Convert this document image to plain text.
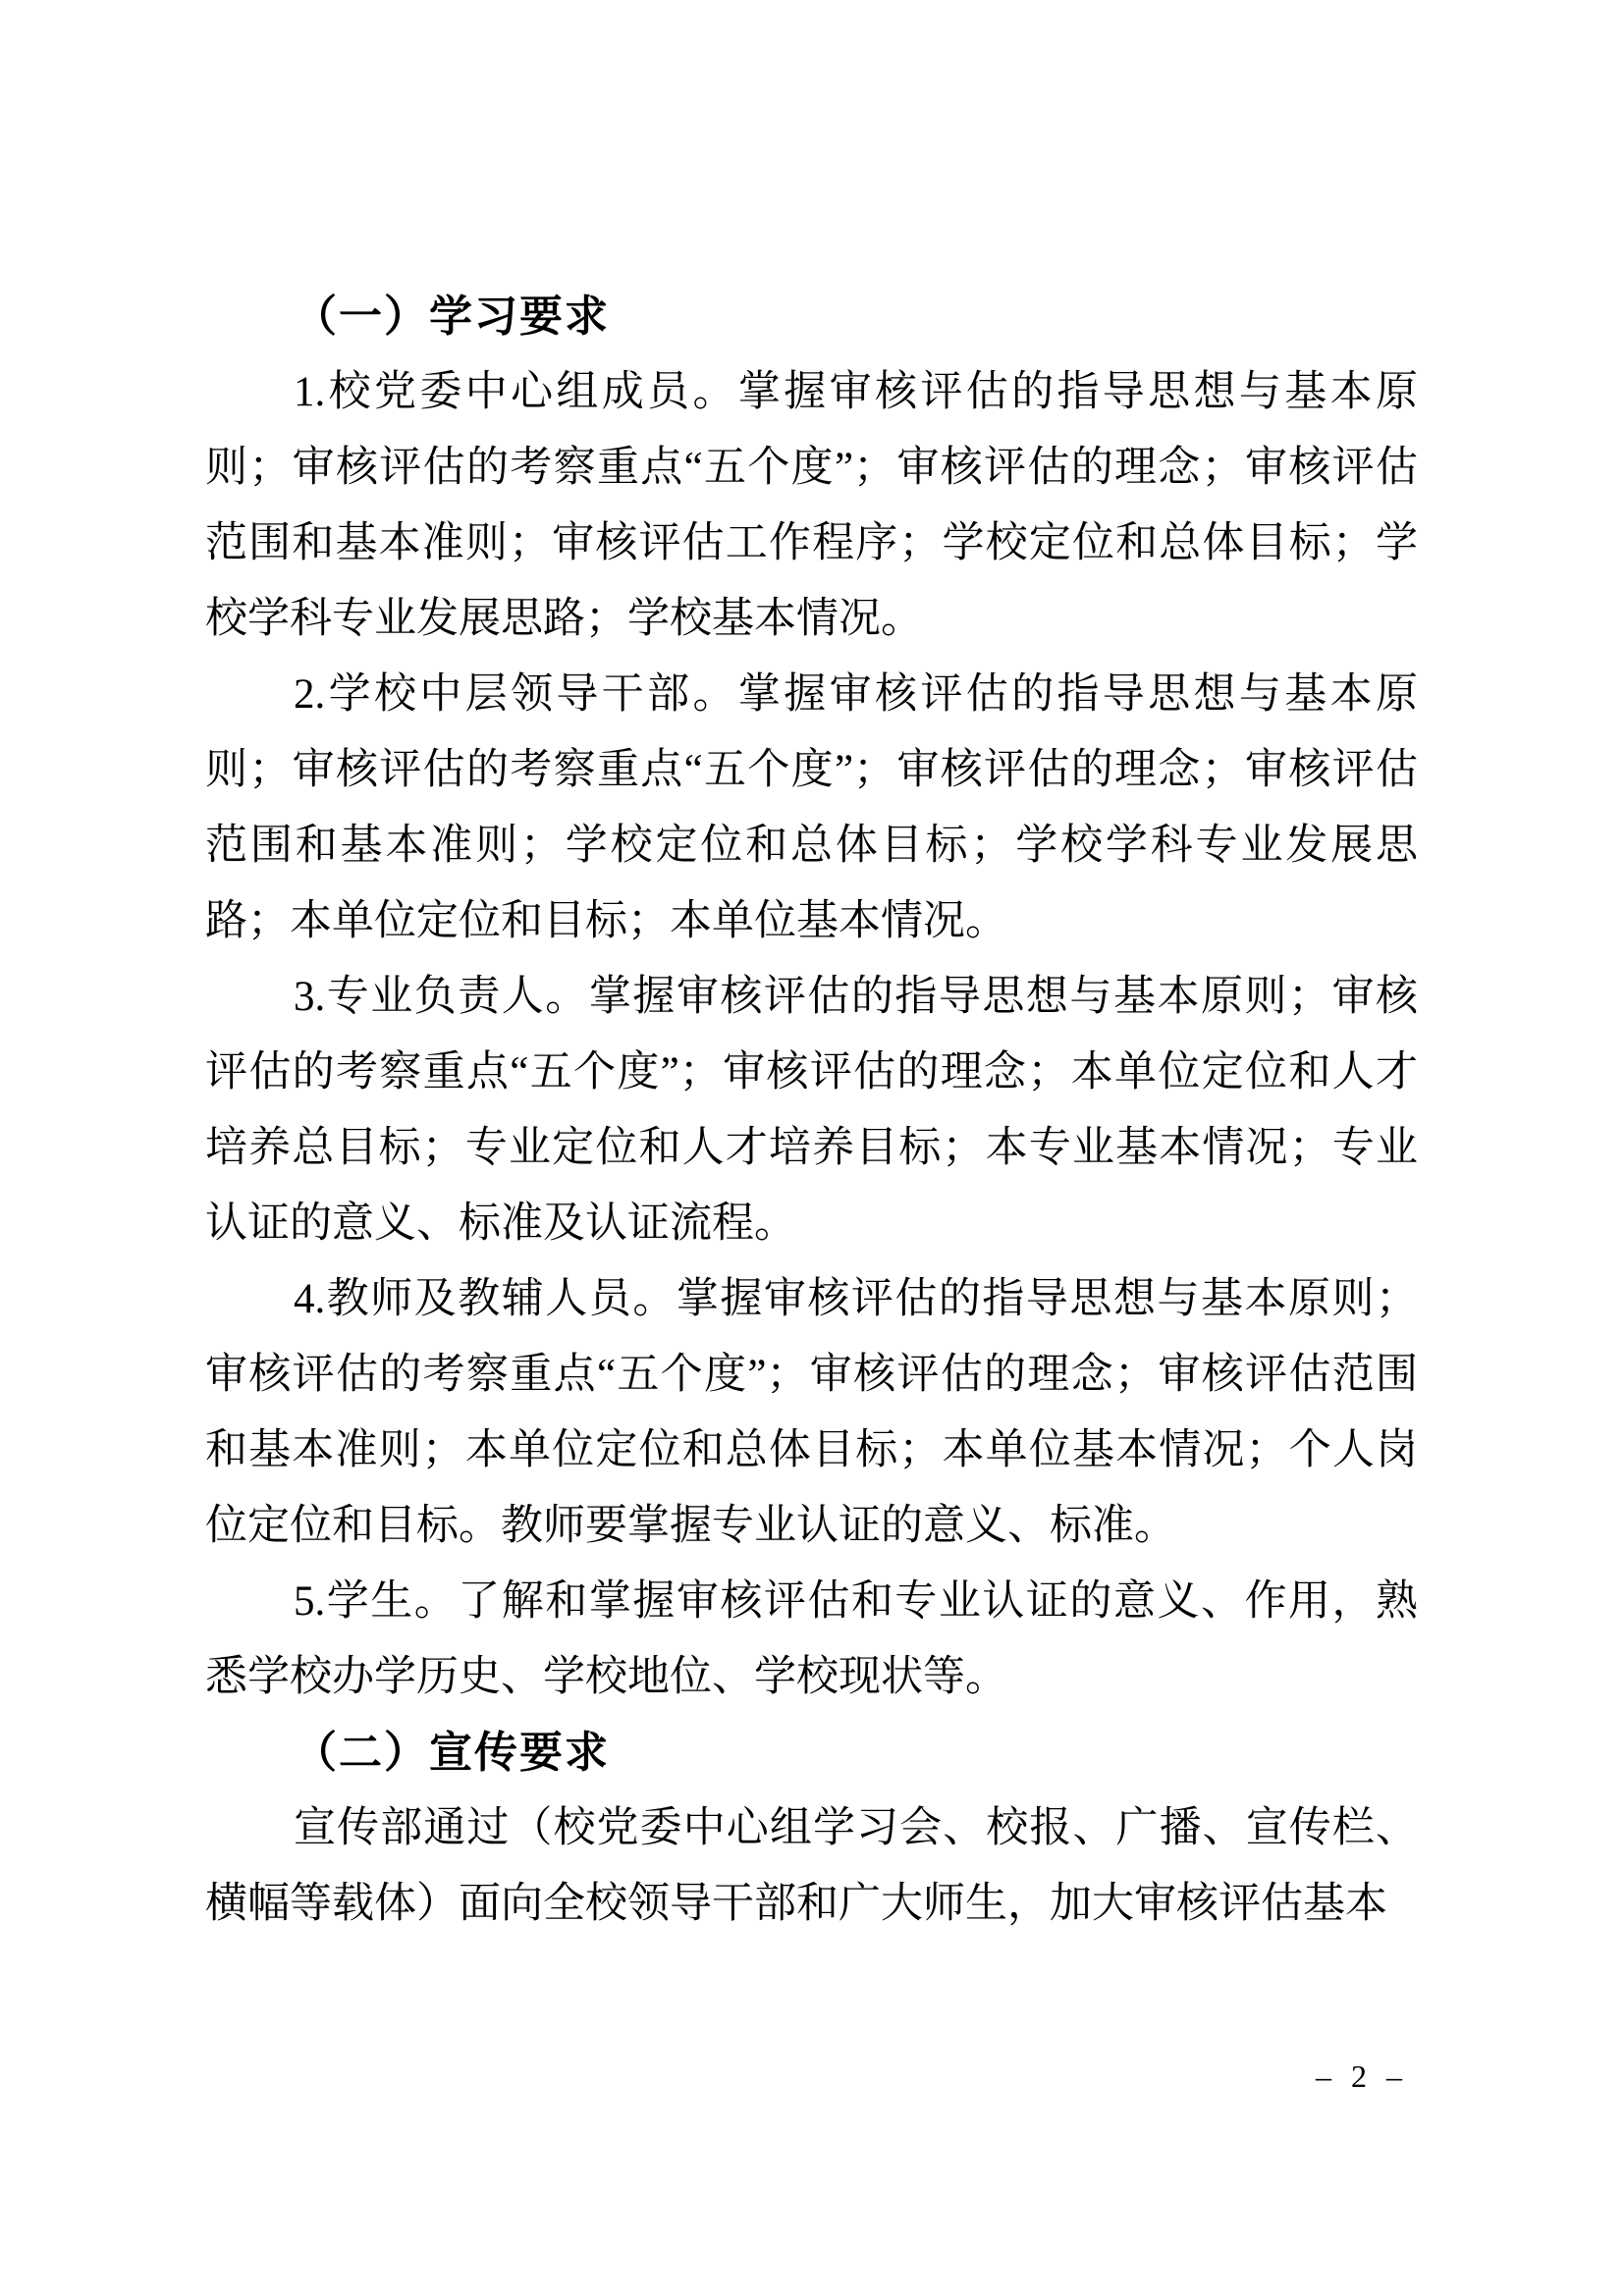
（一）学习要求

1.校党委中心组成员。掌握审核评估的指导思想与基本原则；审核评估的考察重点“五个度”；审核评估的理念；审核评估范围和基本准则；审核评估工作程序；学校定位和总体目标；学校学科专业发展思路；学校基本情况。

2.学校中层领导干部。掌握审核评估的指导思想与基本原则；审核评估的考察重点“五个度”；审核评估的理念；审核评估范围和基本准则；学校定位和总体目标；学校学科专业发展思路；本单位定位和目标；本单位基本情况。

3.专业负责人。掌握审核评估的指导思想与基本原则；审核评估的考察重点“五个度”；审核评估的理念；本单位定位和人才培养总目标；专业定位和人才培养目标；本专业基本情况；专业认证的意义、标准及认证流程。

4.教师及教辅人员。掌握审核评估的指导思想与基本原则；审核评估的考察重点“五个度”；审核评估的理念；审核评估范围和基本准则；本单位定位和总体目标；本单位基本情况；个人岗位定位和目标。教师要掌握专业认证的意义、标准。

5.学生。了解和掌握审核评估和专业认证的意义、作用，熟悉学校办学历史、学校地位、学校现状等。

（二）宣传要求

宣传部通过（校党委中心组学习会、校报、广播、宣传栏、横幅等载体）面向全校领导干部和广大师生，加大审核评估基本

– 2 –
